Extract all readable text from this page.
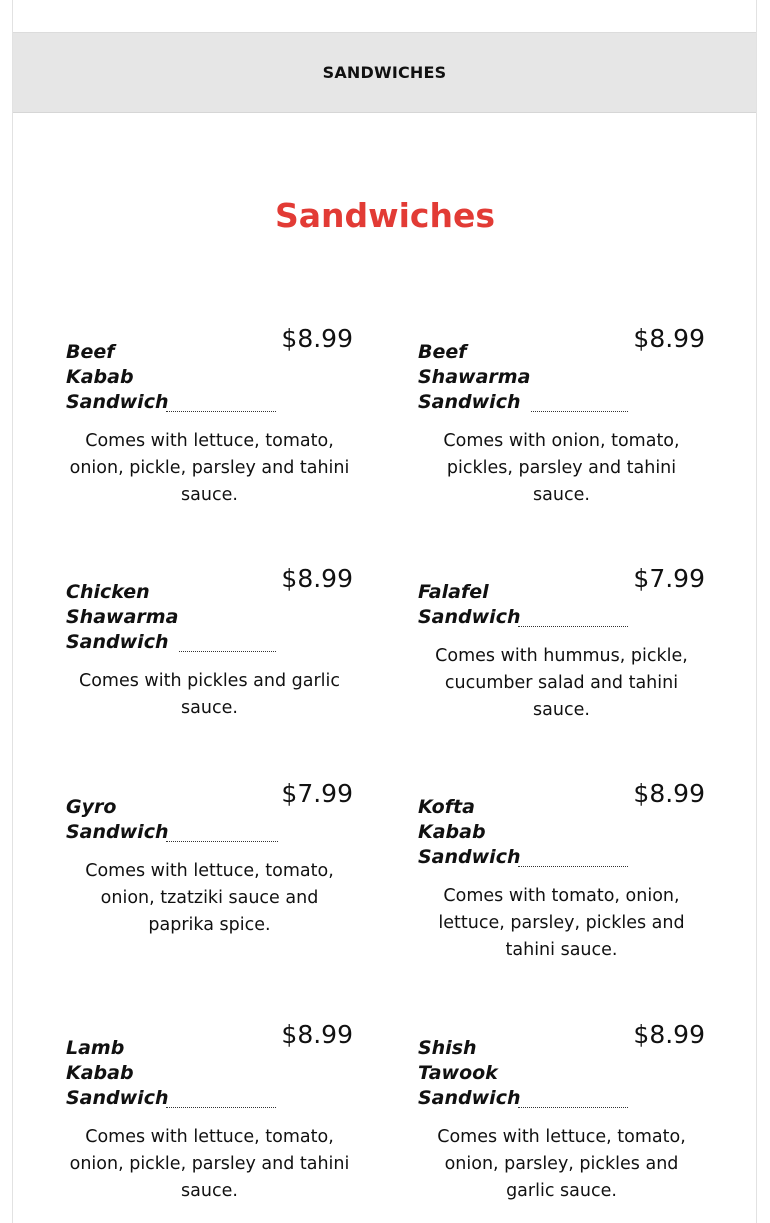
SANDWICHES
Sandwiches
Beef
Kabab
Sandwich
$8.99
Comes with lettuce, tomato, onion, pickle, parsley and tahini sauce.
Beef
Shawarma
Sandwich
$8.99
Comes with onion, tomato, pickles, parsley and tahini sauce.
Chicken
Shawarma
Sandwich
$8.99
Comes with pickles and garlic sauce.
Falafel
Sandwich
$7.99
Comes with hummus, pickle, cucumber salad and tahini sauce.
Gyro
Sandwich
$7.99
Comes with lettuce, tomato, onion, tzatziki sauce and paprika spice.
Kofta
Kabab
Sandwich
$8.99
Comes with tomato, onion, lettuce, parsley, pickles and tahini sauce.
Lamb
Kabab
Sandwich
$8.99
Comes with lettuce, tomato, onion, pickle, parsley and tahini sauce.
Shish
Tawook
Sandwich
$8.99
Comes with lettuce, tomato, onion, parsley, pickles and garlic sauce.
